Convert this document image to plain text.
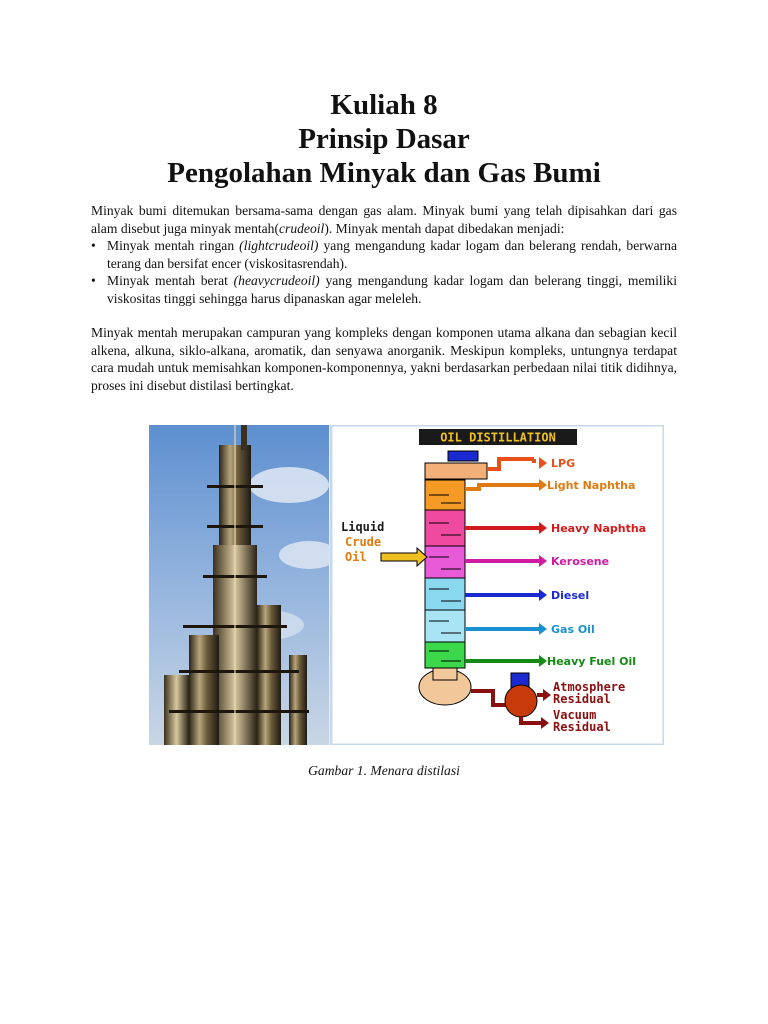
Kuliah 8
Prinsip Dasar
Pengolahan Minyak dan Gas Bumi

Minyak bumi ditemukan bersama-sama dengan gas alam. Minyak bumi yang telah dipisahkan dari gas alam disebut juga minyak mentah(crudeoil). Minyak mentah dapat dibedakan menjadi:

• Minyak mentah ringan (lightcrudeoil) yang mengandung kadar logam dan belerang rendah, berwarna terang dan bersifat encer (viskositasrendah).
• Minyak mentah berat (heavycrudeoil) yang mengandung kadar logam dan belerang tinggi, memiliki viskositas tinggi sehingga harus dipanaskan agar meleleh.

Minyak mentah merupakan campuran yang kompleks dengan komponen utama alkana dan sebagian kecil alkena, alkuna, siklo-alkana, aromatik, dan senyawa anorganik. Meskipun kompleks, untungnya terdapat cara mudah untuk memisahkan komponen-komponennya, yakni berdasarkan perbedaan nilai titik didihnya, proses ini disebut distilasi bertingkat.

OIL DISTILLATION
Liquid
Crude
Oil
LPG
Light Naphtha
Heavy Naphtha
Kerosene
Diesel
Gas Oil
Heavy Fuel Oil
Atmosphere
Residual
Vacuum
Residual
Gambar 1. Menara distilasi
